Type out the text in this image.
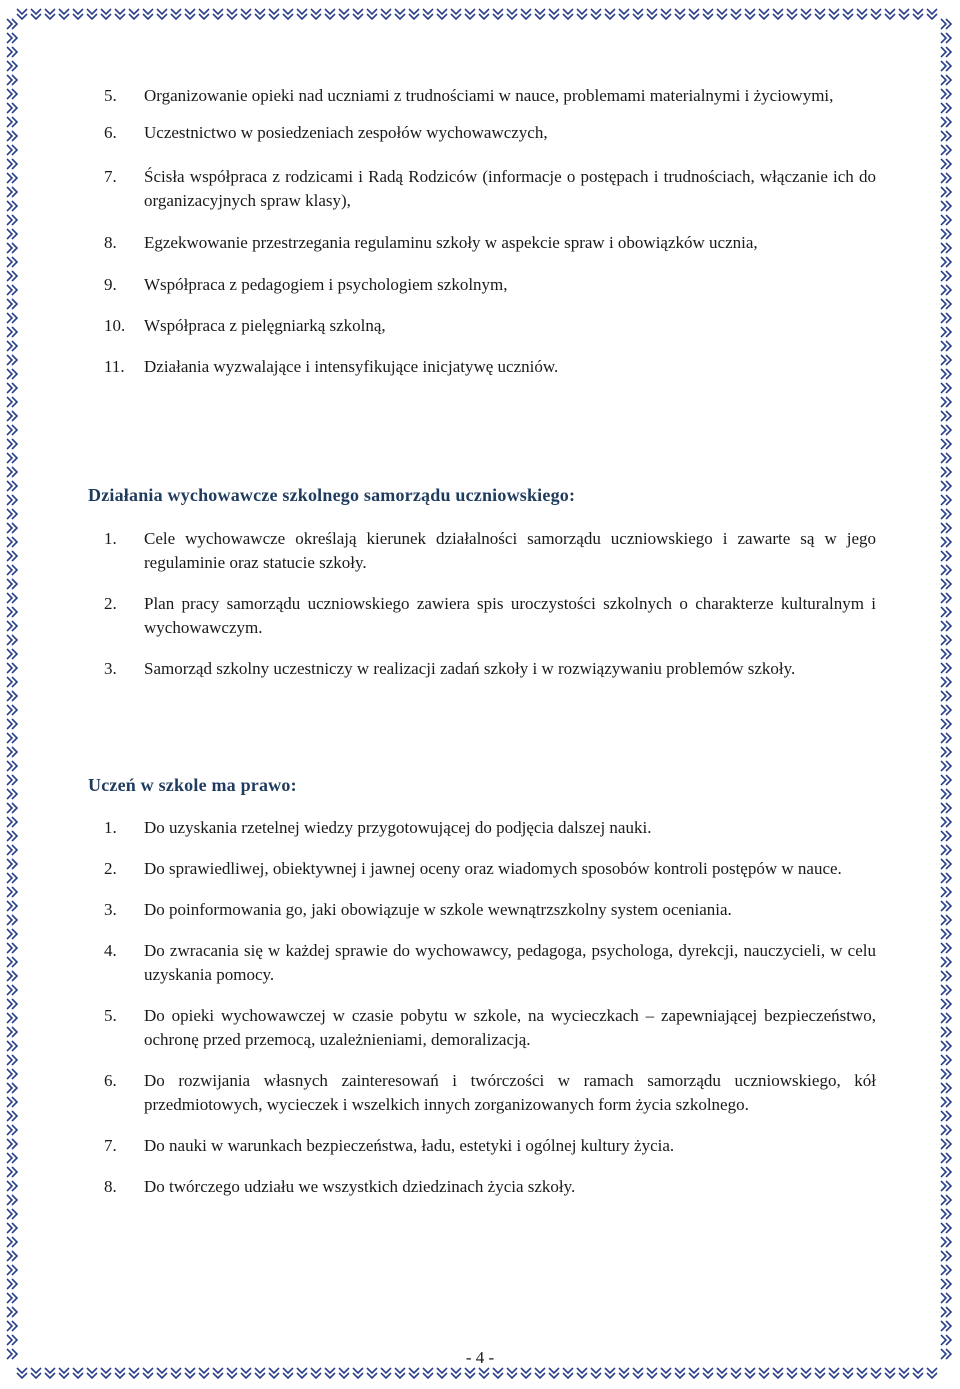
5.	Organizowanie opieki nad uczniami z trudnościami w nauce, problemami materialnymi i życiowymi,
6.	Uczestnictwo w posiedzeniach zespołów wychowawczych,
7.	Ścisła współpraca z rodzicami i Radą Rodziców (informacje o postępach i trudnościach, włączanie ich do organizacyjnych spraw klasy),
8.	Egzekwowanie przestrzegania regulaminu szkoły w aspekcie spraw i obowiązków ucznia,
9.	Współpraca z pedagogiem i psychologiem szkolnym,
10.	Współpraca z pielęgniarką szkolną,
11.	Działania wyzwalające i intensyfikujące inicjatywę uczniów.
Działania wychowawcze szkolnego samorządu uczniowskiego:
1.	Cele wychowawcze określają kierunek działalności samorządu uczniowskiego i zawarte są w jego regulaminie oraz statucie szkoły.
2.	Plan pracy samorządu uczniowskiego zawiera spis uroczystości szkolnych o charakterze kulturalnym i wychowawczym.
3.	Samorząd szkolny uczestniczy w realizacji zadań szkoły i w rozwiązywaniu problemów szkoły.
Uczeń w szkole ma prawo:
1.	Do uzyskania rzetelnej wiedzy przygotowującej do podjęcia dalszej nauki.
2.	Do sprawiedliwej, obiektywnej i jawnej oceny oraz wiadomych sposobów kontroli postępów w nauce.
3.	Do poinformowania go, jaki obowiązuje w szkole wewnątrzszkolny system oceniania.
4.	Do zwracania się w każdej sprawie do wychowawcy, pedagoga, psychologa, dyrekcji, nauczycieli, w celu uzyskania pomocy.
5.	Do opieki wychowawczej w czasie pobytu w szkole, na wycieczkach – zapewniającej bezpieczeństwo, ochronę przed przemocą, uzależnieniami, demoralizacją.
6.	Do rozwijania własnych zainteresowań i twórczości w ramach samorządu uczniowskiego, kół przedmiotowych, wycieczek i wszelkich innych zorganizowanych form życia szkolnego.
7.	Do nauki w warunkach bezpieczeństwa, ładu, estetyki i ogólnej kultury życia.
8.	Do twórczego udziału we wszystkich dziedzinach życia szkoły.
- 4 -
